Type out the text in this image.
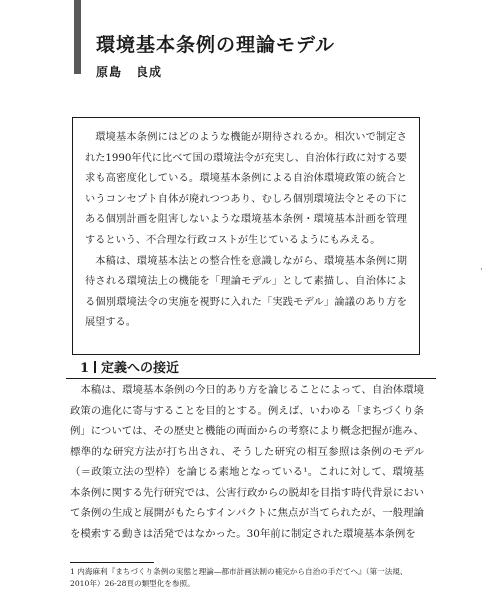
環境基本条例の理論モデル
原島 良成

環境基本条例にはどのような機能が期待されるか。相次いで制定された1990年代に比べて国の環境法令が充実し、自治体行政に対する要求も高密度化している。環境基本条例による自治体環境政策の統合というコンセプト自体が廃れつつあり、むしろ個別環境法令とその下にある個別計画を阻害しないような環境基本条例・環境基本計画を管理するという、不合理な行政コストが生じているようにもみえる。

本稿は、環境基本法との整合性を意識しながら、環境基本条例に期待される環境法上の機能を「理論モデル」として素描し、自治体による個別環境法令の実施を視野に入れた「実践モデル」論議のあり方を展望する。

·
1 定義への接近

本稿は、環境基本条例の今日的あり方を論じることによって、自治体環境政策の進化に寄与することを目的とする。例えば、いわゆる「まちづくり条例」については、その歴史と機能の両面からの考察により概念把握が進み、標準的な研究方法が打ち出され、そうした研究の相互参照は条例のモデル（＝政策立法の型枠）を論じる素地となっている¹。これに対して、環境基本条例に関する先行研究では、公害行政からの脱却を目指す時代背景において条例の生成と展開がもたらすインパクトに焦点が当てられたが、一般理論を模索する動きは活発ではなかった。30年前に制定された環境基本条例を

1 内海麻利『まちづくり条例の実態と理論―都市計画法制の補完から自治の手だてへ』（第一法規、2010年）26-28頁の類型化を参照。
